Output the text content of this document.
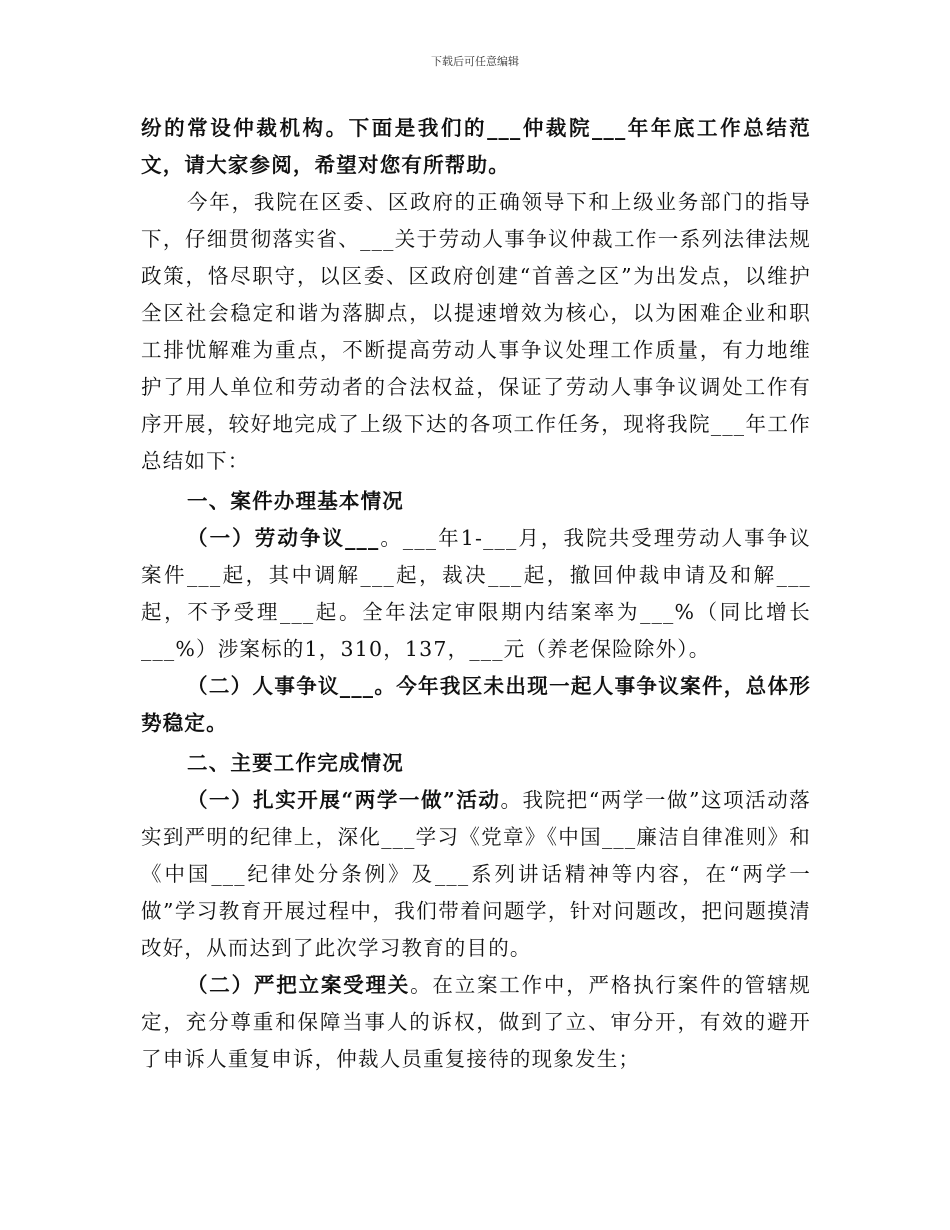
下载后可任意编辑

纷的常设仲裁机构。下面是我们的___仲裁院___年年底工作总结范文，请大家参阅，希望对您有所帮助。

今年，我院在区委、区政府的正确领导下和上级业务部门的指导下，仔细贯彻落实省、___关于劳动人事争议仲裁工作一系列法律法规政策，恪尽职守，以区委、区政府创建“首善之区”为出发点，以维护全区社会稳定和谐为落脚点，以提速增效为核心，以为困难企业和职工排忧解难为重点，不断提高劳动人事争议处理工作质量，有力地维护了用人单位和劳动者的合法权益，保证了劳动人事争议调处工作有序开展，较好地完成了上级下达的各项工作任务，现将我院___年工作总结如下：

一、案件办理基本情况

（一）劳动争议___。___年1-___月，我院共受理劳动人事争议案件___起，其中调解___起，裁决___起，撤回仲裁申请及和解___起，不予受理___起。全年法定审限期内结案率为___%（同比增长___%）涉案标的1，310，137，___元（养老保险除外）。

（二）人事争议___。今年我区未出现一起人事争议案件，总体形势稳定。

二、主要工作完成情况

（一）扎实开展“两学一做”活动。我院把“两学一做”这项活动落实到严明的纪律上，深化___学习《党章》《中国___廉洁自律准则》和《中国___纪律处分条例》及___系列讲话精神等内容，在“两学一做”学习教育开展过程中，我们带着问题学，针对问题改，把问题摸清改好，从而达到了此次学习教育的目的。

（二）严把立案受理关。在立案工作中，严格执行案件的管辖规定，充分尊重和保障当事人的诉权，做到了立、审分开，有效的避开了申诉人重复申诉，仲裁人员重复接待的现象发生；
